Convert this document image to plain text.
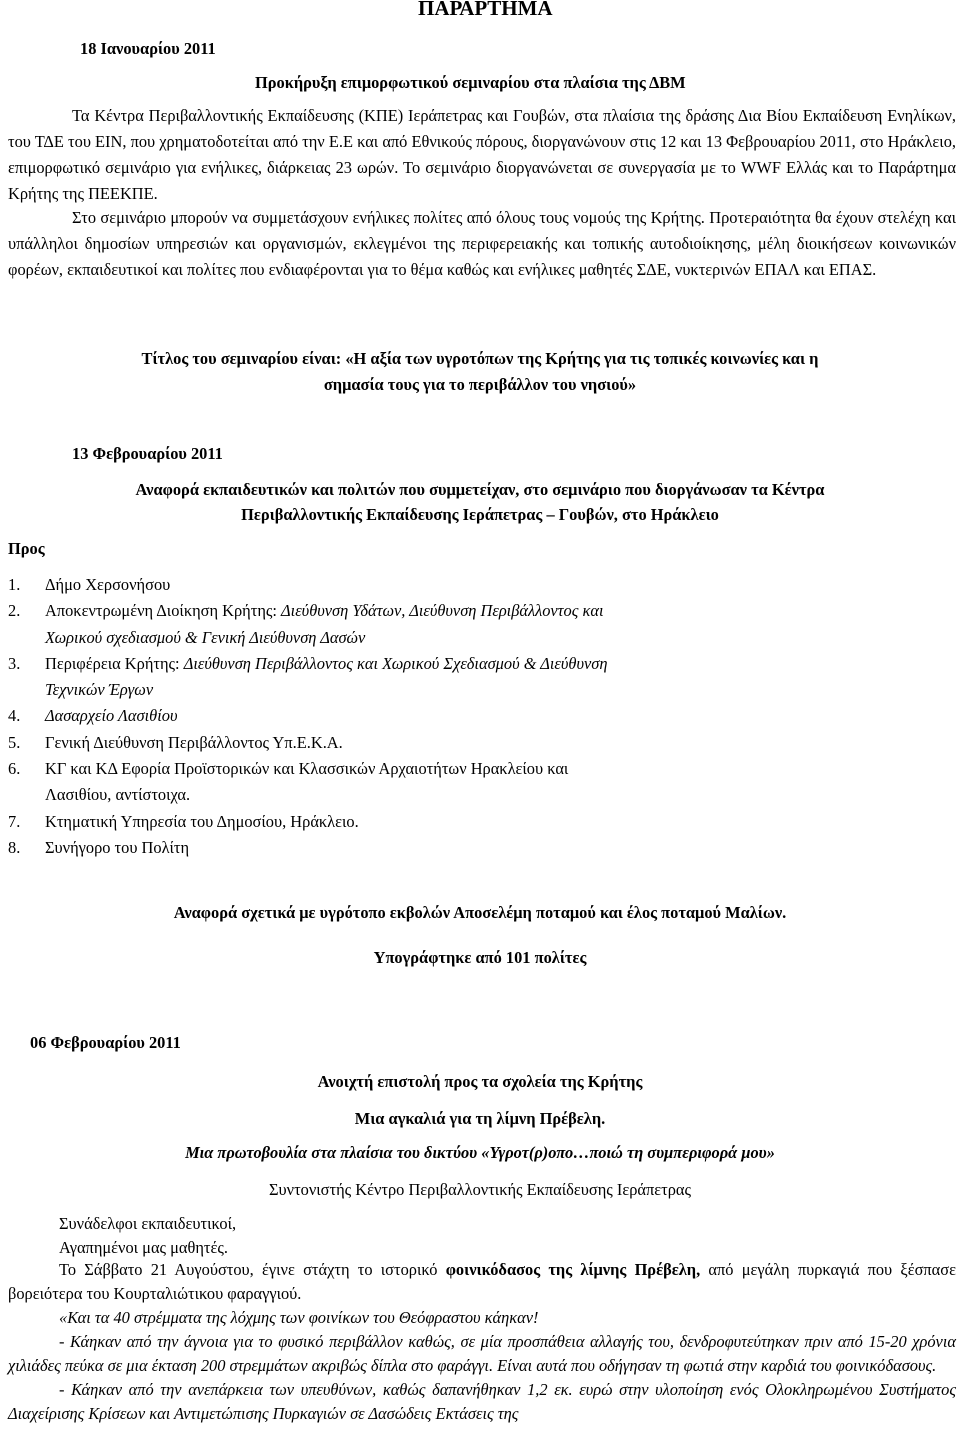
ΠΑΡΑΡΤΗΜΑ
18 Ιανουαρίου 2011
Προκήρυξη επιμορφωτικού σεμιναρίου στα πλαίσια της ΔΒΜ
Τα Κέντρα Περιβαλλοντικής Εκπαίδευσης (ΚΠΕ) Ιεράπετρας και Γουβών, στα πλαίσια της δράσης Δια Βίου Εκπαίδευση Ενηλίκων, του ΤΔΕ του ΕΙΝ, που χρηματοδοτείται από την Ε.Ε και από Εθνικούς πόρους, διοργανώνουν στις 12 και 13 Φεβρουαρίου 2011, στο Ηράκλειο, επιμορφωτικό σεμινάριο για ενήλικες, διάρκειας 23 ωρών. Το σεμινάριο διοργανώνεται σε συνεργασία με το WWF Ελλάς και το Παράρτημα Κρήτης της ΠΕΕΚΠΕ.
Στο σεμινάριο μπορούν να συμμετάσχουν ενήλικες πολίτες από όλους τους νομούς της Κρήτης. Προτεραιότητα θα έχουν στελέχη και υπάλληλοι δημοσίων υπηρεσιών και οργανισμών, εκλεγμένοι της περιφερειακής και τοπικής αυτοδιοίκησης, μέλη διοικήσεων κοινωνικών φορέων, εκπαιδευτικοί και πολίτες που ενδιαφέρονται για το θέμα καθώς και ενήλικες μαθητές ΣΔΕ, νυκτερινών ΕΠΑΛ και ΕΠΑΣ.
Τίτλος του σεμιναρίου είναι: «Η αξία των υγροτόπων της Κρήτης για τις τοπικές κοινωνίες και η
σημασία τους για το περιβάλλον του νησιού»
13 Φεβρουαρίου 2011
Αναφορά εκπαιδευτικών και πολιτών που συμμετείχαν, στο σεμινάριο που διοργάνωσαν τα Κέντρα
Περιβαλλοντικής Εκπαίδευσης Ιεράπετρας – Γουβών, στο Ηράκλειο
Προς
1. Δήμο Χερσονήσου
2. Αποκεντρωμένη Διοίκηση Κρήτης: Διεύθυνση Υδάτων, Διεύθυνση Περιβάλλοντος και
Χωρικού σχεδιασμού & Γενική Διεύθυνση Δασών
3. Περιφέρεια Κρήτης: Διεύθυνση Περιβάλλοντος και Χωρικού Σχεδιασμού & Διεύθυνση
Τεχνικών Έργων
4. Δασαρχείο Λασιθίου
5. Γενική Διεύθυνση Περιβάλλοντος Υπ.Ε.Κ.Α.
6. ΚΓ και ΚΔ Εφορία Προϊστορικών και Κλασσικών Αρχαιοτήτων Ηρακλείου και
Λασιθίου, αντίστοιχα.
7. Κτηματική Υπηρεσία του Δημοσίου, Ηράκλειο.
8. Συνήγορο του Πολίτη
Αναφορά σχετικά με υγρότοπο εκβολών Αποσελέμη ποταμού και έλος ποταμού Μαλίων.
Υπογράφτηκε από 101 πολίτες
06 Φεβρουαρίου 2011
Ανοιχτή επιστολή προς τα σχολεία της Κρήτης
Μια αγκαλιά για τη λίμνη Πρέβελη.
Μια πρωτοβουλία στα πλαίσια του δικτύου «Υγροτ(ρ)οπο…ποιώ τη συμπεριφορά μου»
Συντονιστής Κέντρο Περιβαλλοντικής Εκπαίδευσης Ιεράπετρας
Συνάδελφοι εκπαιδευτικοί,
Αγαπημένοι μας μαθητές.

Το Σάββατο 21 Αυγούστου, έγινε στάχτη το ιστορικό φοινικόδασος της λίμνης Πρέβελη, από μεγάλη πυρκαγιά που ξέσπασε βορειότερα του Κουρταλιώτικου φαραγγιού.

«Και τα 40 στρέμματα της λόχμης των φοινίκων του Θεόφραστου κάηκαν!

- Κάηκαν από την άγνοια για το φυσικό περιβάλλον καθώς, σε μία προσπάθεια αλλαγής του, δενδροφυτεύτηκαν πριν από 15-20 χρόνια χιλιάδες πεύκα σε μια έκταση 200 στρεμμάτων ακριβώς δίπλα στο φαράγγι. Είναι αυτά που οδήγησαν τη φωτιά στην καρδιά του φοινικόδασους.

- Κάηκαν από την ανεπάρκεια των υπευθύνων, καθώς δαπανήθηκαν 1,2 εκ. ευρώ στην υλοποίηση ενός Ολοκληρωμένου Συστήματος Διαχείρισης Κρίσεων και Αντιμετώπισης Πυρκαγιών σε Δασώδεις Εκτάσεις της
